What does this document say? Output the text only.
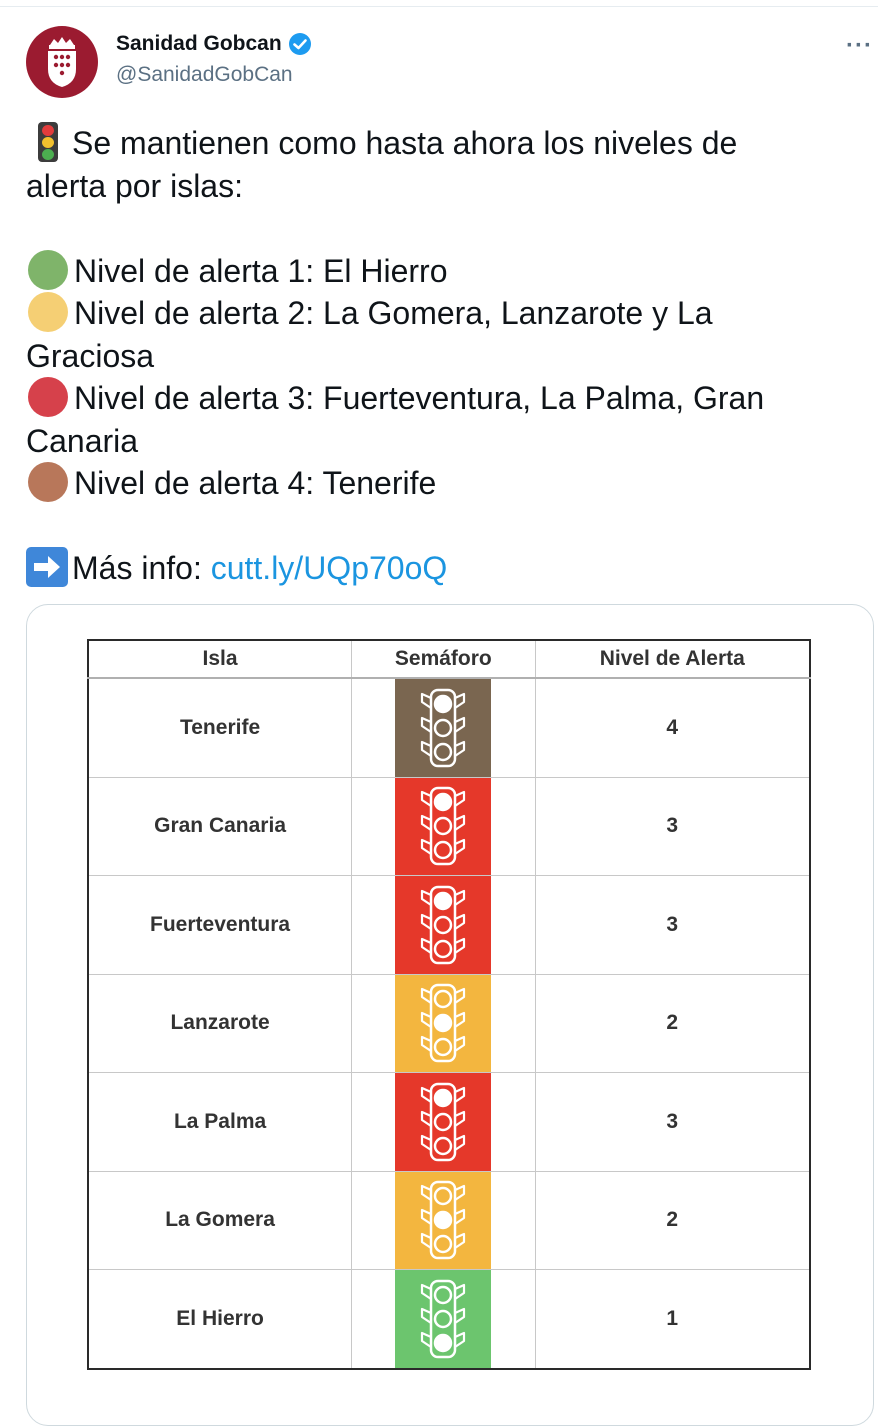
Sanidad Gobcan
@SanidadGobCan
···
Se mantienen como hasta ahora los niveles de
alerta por islas:
Nivel de alerta 1: El Hierro
Nivel de alerta 2: La Gomera, Lanzarote y La
Graciosa
Nivel de alerta 3: Fuerteventura, La Palma, Gran
Canaria
Nivel de alerta 4: Tenerife
Más info: cutt.ly/UQp70oQ
Isla	Semáforo	Nivel de Alerta
Tenerife		4
Gran Canaria		3
Fuerteventura		3
Lanzarote		2
La Palma		3
La Gomera		2
El Hierro		1
